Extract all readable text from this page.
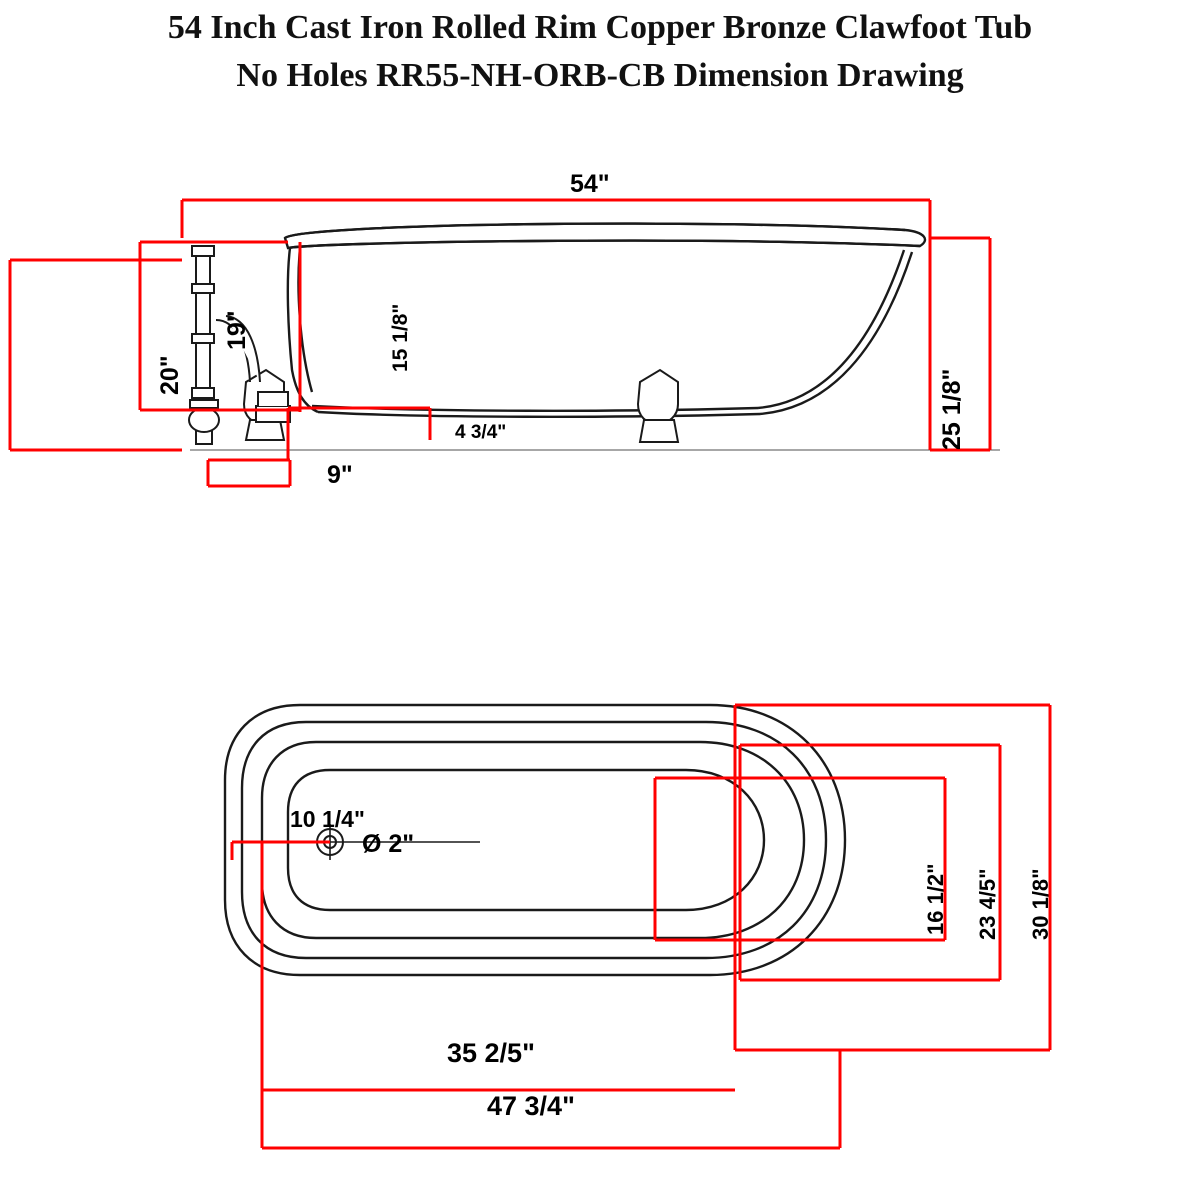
54 Inch Cast Iron Rolled Rim Copper Bronze Clawfoot Tub
No Holes RR55-NH-ORB-CB Dimension Drawing
54"
20"
19"	15 1/8"
25 1/8"
4 3/4"
9"
10 1/4"
Ø 2"
16 1/2" 23 4/5" 30 1/8"
35 2/5"
47 3/4"
